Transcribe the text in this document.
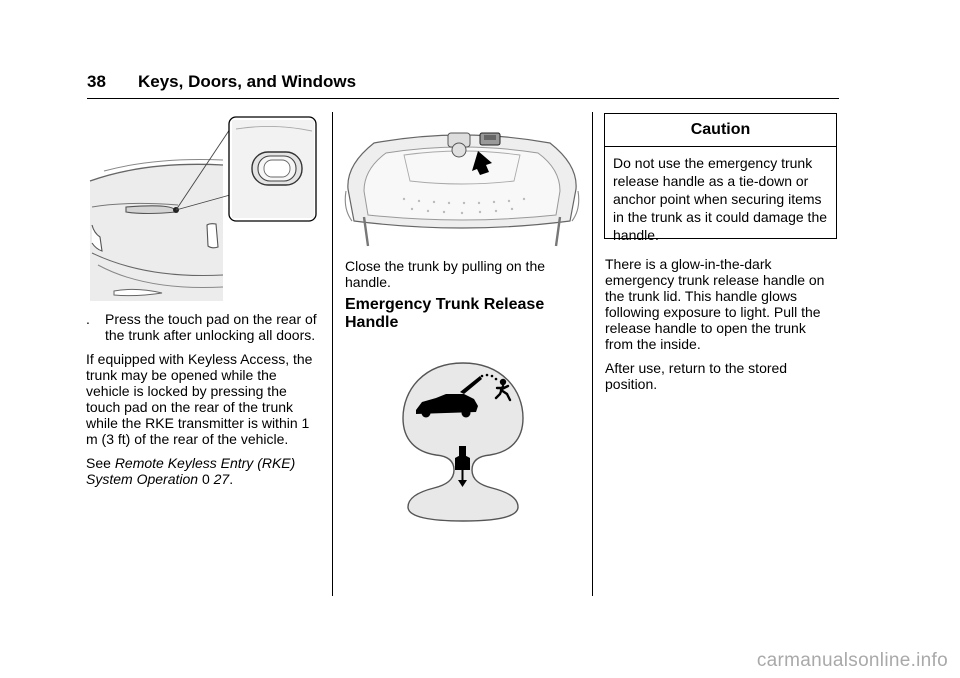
38 Keys, Doors, and Windows

. Press the touch pad on the rear of the trunk after unlocking all doors.

If equipped with Keyless Access, the trunk may be opened while the vehicle is locked by pressing the touch pad on the rear of the trunk while the RKE transmitter is within 1 m (3 ft) of the rear of the vehicle.

See Remote Keyless Entry (RKE) System Operation 0 27.

Close the trunk by pulling on the handle.
Emergency Trunk Release Handle
Caution
Do not use the emergency trunk release handle as a tie-down or anchor point when securing items in the trunk as it could damage the handle.

There is a glow-in-the-dark emergency trunk release handle on the trunk lid. This handle glows following exposure to light. Pull the release handle to open the trunk from the inside.

After use, return to the stored position.

carmanualsonline.info
